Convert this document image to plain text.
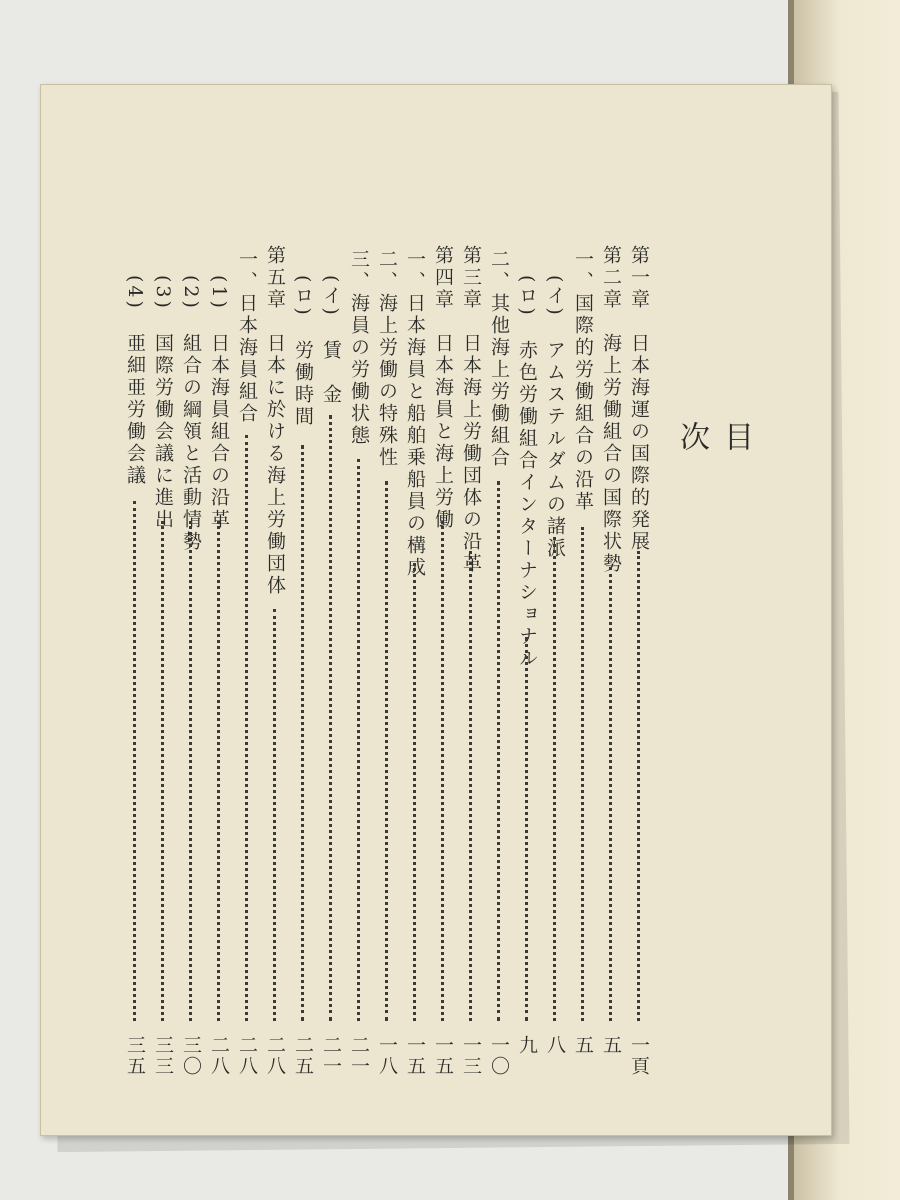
目次
第一章　日本海運の国際的発展
一頁
第二章　海上労働組合の国際状勢
五
一、国際的労働組合の沿革
五
(イ)　アムステルダムの諸派
八
(ロ)　赤色労働組合インターナショナル
九
二、其他海上労働組合
一〇
第三章　日本海上労働団体の沿革
一三
第四章　日本海員と海上労働
一五
一、日本海員と船舶乗船員の構成
一五
二、海上労働の特殊性
一八
三、海員の労働状態
二一
(イ)　賃　金
二一
(ロ)　労働時間
二五
第五章　日本に於ける海上労働団体
二八
一、日本海員組合
二八
(1)　日本海員組合の沿革
二八
(2)　組合の綱領と活動情勢
三〇
(3)　国際労働会議に進出
三三
(4)　亜細亜労働会議
三五
